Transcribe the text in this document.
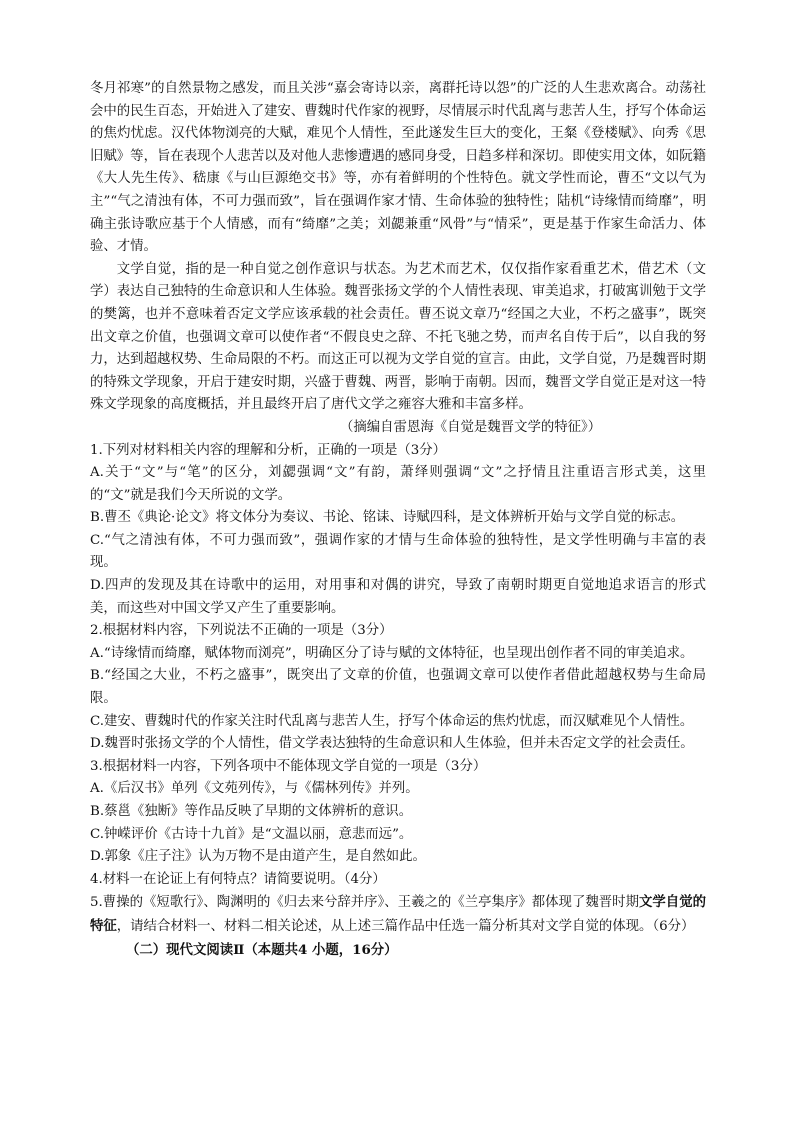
冬月祁寒”的自然景物之感发，而且关涉“嘉会寄诗以亲，离群托诗以怨”的广泛的人生悲欢离合。动荡社会中的民生百态，开始进入了建安、曹魏时代作家的视野，尽情展示时代乱离与悲苦人生，抒写个体命运的焦灼忧虑。汉代体物浏亮的大赋，难见个人情性，至此遂发生巨大的变化，王粲《登楼赋》、向秀《思旧赋》等，旨在表现个人悲苦以及对他人悲惨遭遇的感同身受，日趋多样和深切。即使实用文体，如阮籍《大人先生传》、嵇康《与山巨源绝交书》等，亦有着鲜明的个性特色。就文学性而论，曹丕“文以气为主”“气之清浊有体，不可力强而致”，旨在强调作家才情、生命体验的独特性；陆机“诗缘情而绮靡”，明确主张诗歌应基于个人情感，而有“绮靡”之美；刘勰兼重“风骨”与“情采”，更是基于作家生命活力、体验、才情。

文学自觉，指的是一种自觉之创作意识与状态。为艺术而艺术，仅仅指作家看重艺术，借艺术（文学）表达自己独特的生命意识和人生体验。魏晋张扬文学的个人情性表现、审美追求，打破寓训勉于文学的樊篱，也并不意味着否定文学应该承载的社会责任。曹丕说文章乃“经国之大业，不朽之盛事”，既突出文章之价值，也强调文章可以使作者“不假良史之辞、不托飞驰之势，而声名自传于后”，以自我的努力，达到超越权势、生命局限的不朽。而这正可以视为文学自觉的宣言。由此，文学自觉，乃是魏晋时期的特殊文学现象，开启于建安时期，兴盛于曹魏、两晋，影响于南朝。因而，魏晋文学自觉正是对这一特殊文学现象的高度概括，并且最终开启了唐代文学之雍容大雅和丰富多样。

（摘编自雷恩海《自觉是魏晋文学的特征》）

1.下列对材料相关内容的理解和分析，正确的一项是（3分）

A.关于“文”与“笔”的区分，刘勰强调“文”有韵，萧绎则强调“文”之抒情且注重语言形式美，这里的“文”就是我们今天所说的文学。

B.曹丕《典论·论文》将文体分为奏议、书论、铭诔、诗赋四科，是文体辨析开始与文学自觉的标志。

C.“气之清浊有体，不可力强而致”，强调作家的才情与生命体验的独特性，是文学性明确与丰富的表现。

D.四声的发现及其在诗歌中的运用，对用事和对偶的讲究，导致了南朝时期更自觉地追求语言的形式美，而这些对中国文学又产生了重要影响。

2.根据材料内容，下列说法不正确的一项是（3分）

A.“诗缘情而绮靡，赋体物而浏亮”，明确区分了诗与赋的文体特征，也呈现出创作者不同的审美追求。

B.“经国之大业，不朽之盛事”，既突出了文章的价值，也强调文章可以使作者借此超越权势与生命局限。

C.建安、曹魏时代的作家关注时代乱离与悲苦人生，抒写个体命运的焦灼忧虑，而汉赋难见个人情性。

D.魏晋时张扬文学的个人情性，借文学表达独特的生命意识和人生体验，但并未否定文学的社会责任。

3.根据材料一内容，下列各项中不能体现文学自觉的一项是（3分）

A.《后汉书》单列《文苑列传》，与《儒林列传》并列。

B.蔡邕《独断》等作品反映了早期的文体辨析的意识。

C.钟嵘评价《古诗十九首》是“文温以丽，意悲而远”。

D.郭象《庄子注》认为万物不是由道产生，是自然如此。

4.材料一在论证上有何特点？请简要说明。（4分）

5.曹操的《短歌行》、陶渊明的《归去来兮辞并序》、王羲之的《兰亭集序》都体现了魏晋时期文学自觉的特征，请结合材料一、材料二相关论述，从上述三篇作品中任选一篇分析其对文学自觉的体现。（6分）

（二）现代文阅读Ⅱ（本题共4 小题，16分）
